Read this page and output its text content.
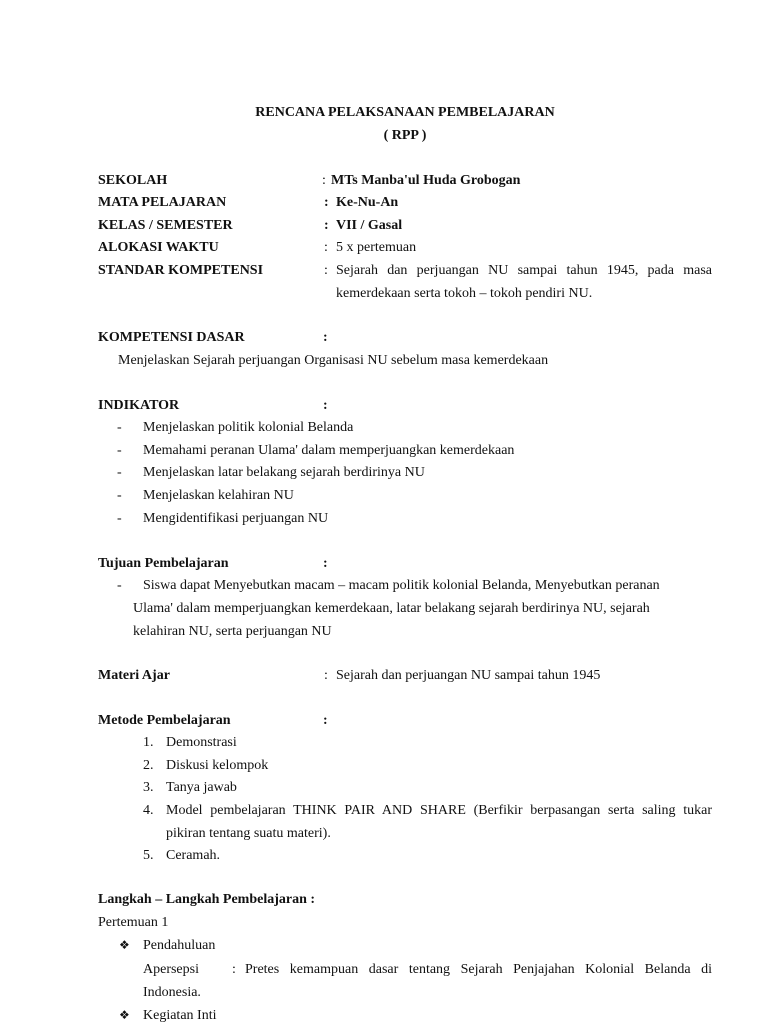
RENCANA PELAKSANAAN PEMBELAJARAN
( RPP )
SEKOLAH	: MTs Manba'ul Huda Grobogan
MATA PELAJARAN	: Ke-Nu-An
KELAS / SEMESTER	: VII / Gasal
ALOKASI WAKTU	: 5 x pertemuan
STANDAR KOMPETENSI	: Sejarah dan perjuangan NU sampai tahun 1945, pada masa
kemerdekaan serta tokoh – tokoh pendiri NU.
KOMPETENSI DASAR	:
Menjelaskan Sejarah perjuangan Organisasi NU sebelum masa kemerdekaan
INDIKATOR	:
- Menjelaskan politik kolonial Belanda
- Memahami peranan Ulama' dalam memperjuangkan kemerdekaan
- Menjelaskan latar belakang sejarah berdirinya NU
- Menjelaskan kelahiran NU
- Mengidentifikasi perjuangan NU
Tujuan Pembelajaran	:
- Siswa dapat Menyebutkan macam – macam politik kolonial Belanda, Menyebutkan peranan
Ulama' dalam memperjuangkan kemerdekaan, latar belakang sejarah berdirinya NU, sejarah
kelahiran NU, serta perjuangan NU
Materi Ajar	: Sejarah dan perjuangan NU sampai tahun 1945
Metode Pembelajaran	:
1. Demonstrasi
2. Diskusi kelompok
3. Tanya jawab
4. Model pembelajaran THINK PAIR AND SHARE (Berfikir berpasangan serta saling tukar
pikiran tentang suatu materi).
5. Ceramah.
Langkah – Langkah Pembelajaran :
Pertemuan 1
❖ Pendahuluan
Apersepsi : Pretes kemampuan dasar tentang Sejarah Penjajahan Kolonial Belanda di
Indonesia.
❖ Kegiatan Inti
